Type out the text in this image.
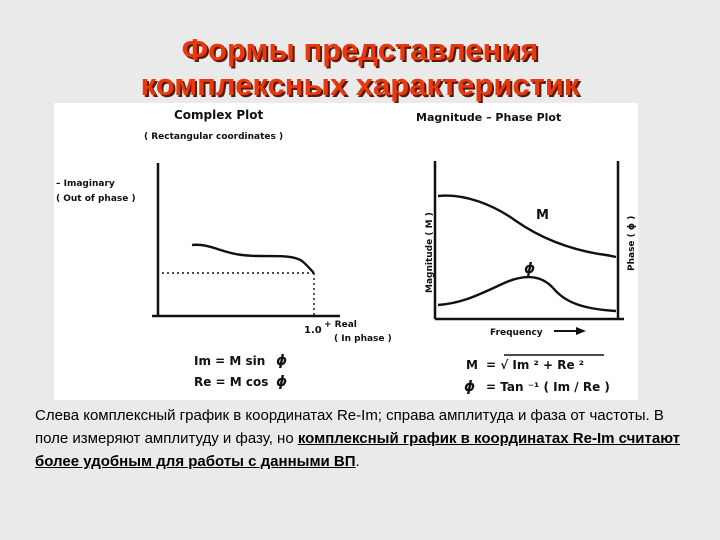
Формы представления
комплексных характеристик
Complex Plot
( Rectangular coordinates )
– Imaginary
( Out of phase )
1.0 + Real
( In phase )
Im = M sin ϕ
Re = M cos ϕ
Magnitude – Phase Plot
Magnitude ( M )	Phase ( ϕ )
M
ϕ
Frequency
M = √ Im ² + Re ²
ϕ = Tan ⁻¹ ( Im / Re )

Слева комплексный график в координатах Re-Im; справа амплитуда и фаза от частоты. В поле измеряют амплитуду и фазу, но комплексный график в координатах Re-Im считают более удобным для работы с данными ВП.
